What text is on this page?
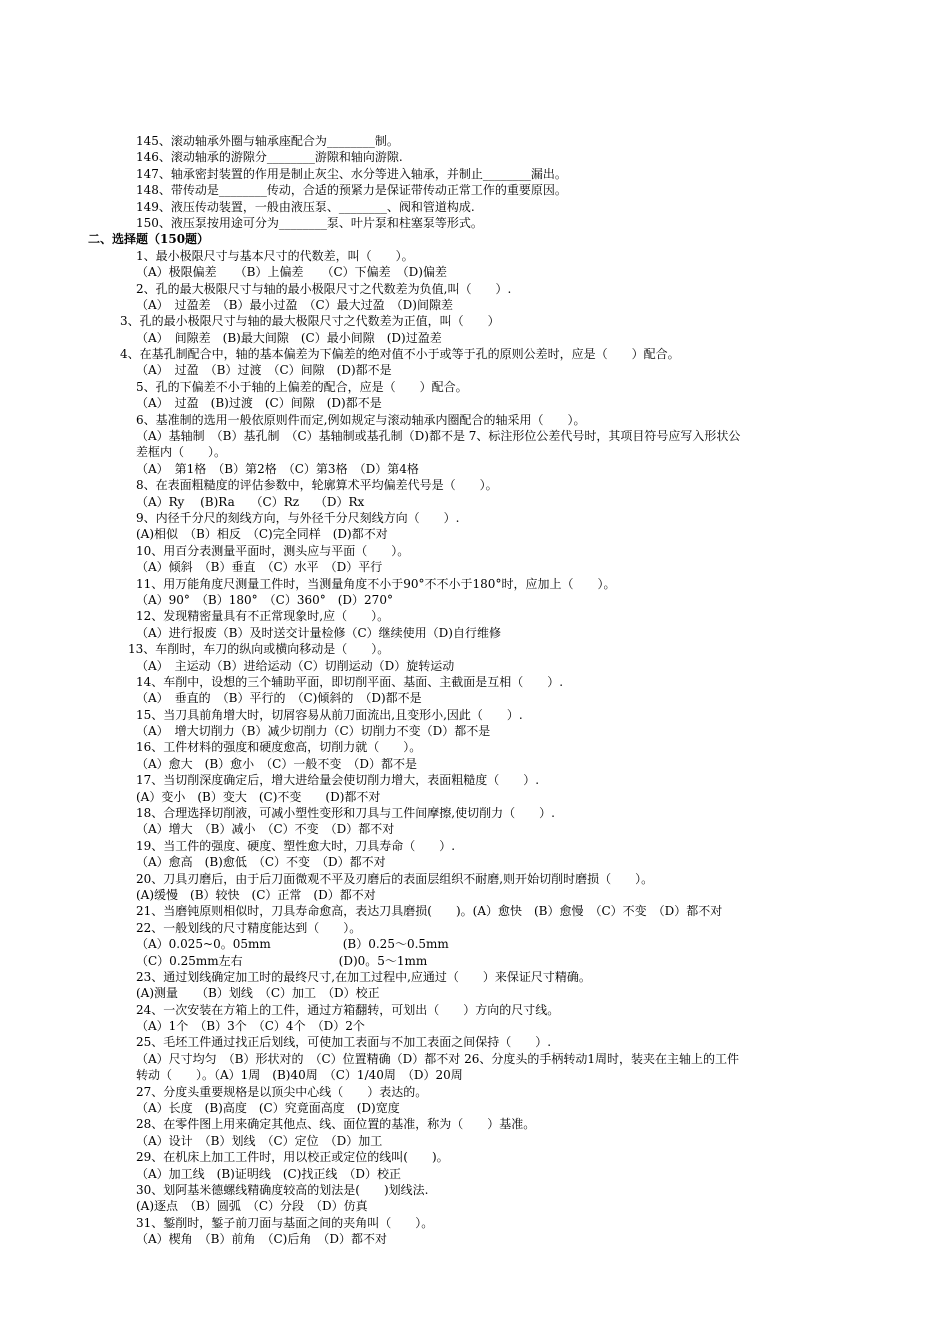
145、滚动轴承外圈与轴承座配合为________制。
146、滚动轴承的游隙分________游隙和轴向游隙.
147、轴承密封装置的作用是制止灰尘、水分等进入轴承，并制止________漏出。
148、带传动是________传动，合适的预紧力是保证带传动正常工作的重要原因。
149、液压传动装置，一般由液压泵、________、阀和管道构成.
150、液压泵按用途可分为________泵、叶片泵和柱塞泵等形式。
二、选择题（150题）
1、最小极限尺寸与基本尺寸的代数差，叫（　　）。
（A）极限偏差　　（B）上偏差　　（C）下偏差　（D)偏差
2、孔的最大极限尺寸与轴的最小极限尺寸之代数差为负值,叫（　　）.
（A）　过盈差　（B）最小过盈　（C）最大过盈　（D)间隙差
3、孔的最小极限尺寸与轴的最大极限尺寸之代数差为正值，叫（　　）
（A）　间隙差　(B)最大间隙　(C）最小间隙　(D)过盈差
4、在基孔制配合中，轴的基本偏差为下偏差的绝对值不小于或等于孔的原则公差时，应是（　　）配合。
（A）　过盈　（B）过渡　（C）间隙　(D)都不是
5、孔的下偏差不小于轴的上偏差的配合，应是（　　）配合。
（A）　过盈　(B)过渡　(C）间隙　(D)都不是
6、基准制的选用一般依原则件而定,例如规定与滚动轴承内圈配合的轴采用（　　）。
（A）基轴制　（B）基孔制　（C）基轴制或基孔制（D)都不是 7、标注形位公差代号时，其项目符号应写入形状公
差框内（　　）。
（A）　第1格　（B）第2格　（C）第3格　（D）第4格
8、在表面粗糙度的评估参数中，轮廓算术平均偏差代号是（　　）。
（A）Ry　 (B)Ra　 （C）Rz　 （D）Rx
9、内径千分尺的刻线方向，与外径千分尺刻线方向（　　）.
(A)相似　（B）相反　（C)完全同样　(D)都不对
10、用百分表测量平面时，测头应与平面（　　）。
（A）倾斜　（B）垂直　（C）水平　（D）平行
11、用万能角度尺测量工件时，当测量角度不小于90°不不小于180°时，应加上（　　）。
（A）90°　（B）180°　（C）360°　(D）270°
12、发现精密量具有不正常现象时,应（　　）。
（A）进行报废（B）及时送交计量检修（C）继续使用（D)自行维修
13、车削时，车刀的纵向或横向移动是（　　）。
（A）　主运动（B）进给运动（C）切削运动（D）旋转运动
14、车削中，设想的三个辅助平面，即切削平面、基面、主截面是互相（　　）.
（A）　垂直的　（B）平行的　（C)倾斜的　（D)都不是
15、当刀具前角增大时，切屑容易从前刀面流出,且变形小,因此（　　）.
（A）　增大切削力（B）减少切削力（C）切削力不变（D）都不是
16、工件材料的强度和硬度愈高，切削力就（　　）。
（A）愈大　(B）愈小　（C）一般不变　（D）都不是
17、当切削深度确定后，增大进给量会使切削力增大，表面粗糙度（　　）.
(A）变小　(B）变大　(C)不变　　(D)都不对
18、合理选择切削液，可减小塑性变形和刀具与工件间摩擦,使切削力（　　）.
（A）增大　（B）减小　（C）不变　（D）都不对
19、当工件的强度、硬度、塑性愈大时，刀具寿命（　　）.
（A）愈高　(B)愈低　（C）不变　（D）都不对
20、刀具刃磨后，由于后刀面微观不平及刃磨后的表面层组织不耐磨,则开始切削时磨损（　　）。
(A)缓慢　(B）较快　(C）正常　(D）都不对
21、当磨钝原则相似时，刀具寿命愈高，表达刀具磨损(　　)。(A）愈快　(B）愈慢　（C）不变　（D）都不对
22、一般划线的尺寸精度能达到（　　）。
（A）0.025~0。05mm　　　　　　(B）0.25～0.5mm
（C）0.25mm左右　　　　　　　　(D)0。5～1mm
23、通过划线确定加工时的最终尺寸,在加工过程中,应通过（　　）来保证尺寸精确。
(A)测量　　（B）划线　（C）加工　（D）校正
24、一次安装在方箱上的工件，通过方箱翻转，可划出（　　）方向的尺寸线。
（A）1个　（B）3个　（C）4个　（D）2个
25、毛坯工件通过找正后划线，可使加工表面与不加工表面之间保持（　　）.
（A）尺寸均匀　（B）形状对的　（C）位置精确（D）都不对 26、分度头的手柄转动1周时，装夹在主轴上的工件
转动（　　）。（A）1周　(B)40周　（C）1/40周　（D）20周
27、分度头重要规格是以顶尖中心线（　　）表达的。
（A）长度　(B)高度　(C）究竟面高度　(D)宽度
28、在零件图上用来确定其他点、线、面位置的基准，称为（　　）基准。
（A）设计　（B）划线　（C）定位　（D）加工
29、在机床上加工工件时，用以校正或定位的线叫(　　)。
（A）加工线　(B)证明线　(C)找正线　（D）校正
30、划阿基米德螺线精确度较高的划法是(　　)划线法.
(A)逐点　（B）圆弧　（C）分段　（D）仿真
31、錾削时，錾子前刀面与基面之间的夹角叫（　　）。
（A）楔角　（B）前角　（C)后角　（D）都不对
